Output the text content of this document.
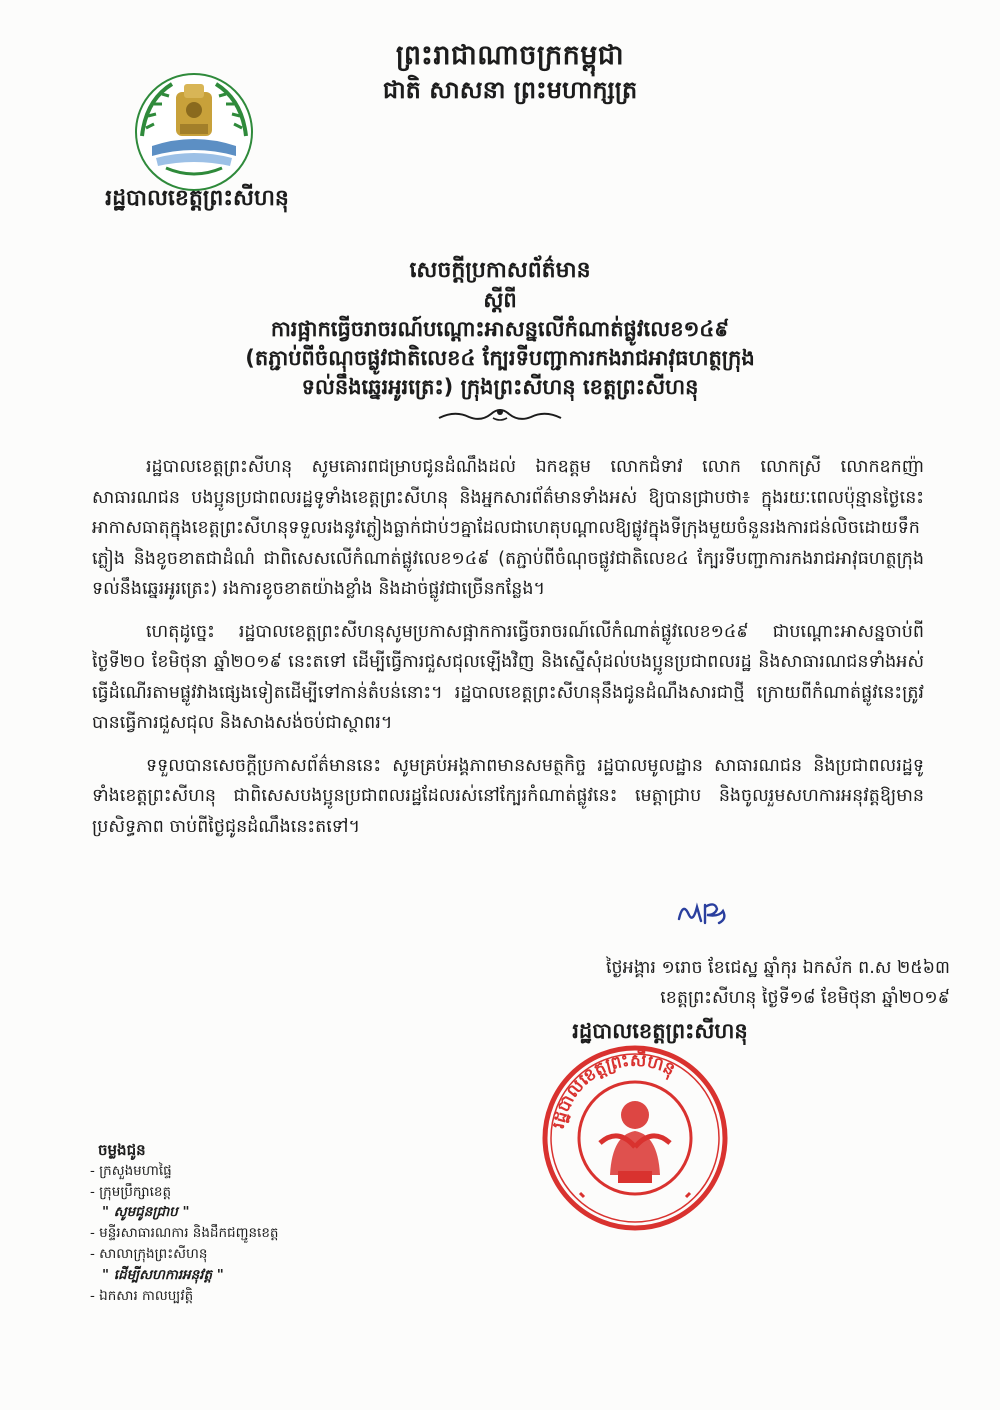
ព្រះរាជាណាចក្រកម្ពុជា
ជាតិ សាសនា ព្រះមហាក្សត្រ
រដ្ឋបាលខេត្តព្រះសីហនុ
សេចក្តីប្រកាសព័ត៌មាន
ស្តីពី
ការផ្អាកធ្វើចរាចរណ៍បណ្តោះអាសន្នលើកំណាត់ផ្លូវលេខ១៤៩
(តភ្ជាប់ពីចំណុចផ្លូវជាតិលេខ៤ ក្បែរទីបញ្ជាការកងរាជអាវុធហត្ថក្រុង
ទល់នឹងឆ្នេរអូរត្រេះ) ក្រុងព្រះសីហនុ ខេត្តព្រះសីហនុ

រដ្ឋបាលខេត្តព្រះសីហនុ សូមគោរពជម្រាបជូនដំណឹងដល់ ឯកឧត្តម លោកជំទាវ លោក លោកស្រី លោកឧកញ៉ា សាធារណជន បងប្អូនប្រជាពលរដ្ឋទូទាំងខេត្តព្រះសីហនុ និងអ្នកសារព័ត៌មានទាំងអស់ ឱ្យបានជ្រាបថា៖ ក្នុងរយៈពេលប៉ុន្មានថ្ងៃនេះ អាកាសធាតុក្នុងខេត្តព្រះសីហនុទទួលរងនូវភ្លៀងធ្លាក់ជាប់ៗគ្នាដែលជាហេតុបណ្តាលឱ្យផ្លូវក្នុងទីក្រុងមួយចំនួនរងការជន់លិចដោយទឹកភ្លៀង និងខូចខាតជាដំណំ ជាពិសេសលើកំណាត់ផ្លូវលេខ១៤៩ (តភ្ជាប់ពីចំណុចផ្លូវជាតិលេខ៤ ក្បែរទីបញ្ជាការកងរាជអាវុធហត្ថក្រុង ទល់នឹងឆ្នេរអូរត្រេះ) រងការខូចខាតយ៉ាងខ្លាំង និងដាច់ផ្លូវជាច្រើនកន្លែង។

ហេតុដូច្នេះ រដ្ឋបាលខេត្តព្រះសីហនុសូមប្រកាសផ្អាកការធ្វើចរាចរណ៍លើកំណាត់ផ្លូវលេខ១៤៩ ជាបណ្តោះអាសន្នចាប់ពីថ្ងៃទី២០ ខែមិថុនា ឆ្នាំ២០១៩ នេះតទៅ ដើម្បីធ្វើការជួសជុលឡើងវិញ និងស្នើសុំដល់បងប្អូនប្រជាពលរដ្ឋ និងសាធារណជនទាំងអស់ ធ្វើដំណើរតាមផ្លូវវាងផ្សេងទៀតដើម្បីទៅកាន់តំបន់នោះ។ រដ្ឋបាលខេត្តព្រះសីហនុនឹងជូនដំណឹងសារជាថ្មី ក្រោយពីកំណាត់ផ្លូវនេះត្រូវបានធ្វើការជួសជុល និងសាងសង់ចប់ជាស្ថាពរ។

ទទួលបានសេចក្តីប្រកាសព័ត៌មាននេះ សូមគ្រប់អង្គភាពមានសមត្ថកិច្ច រដ្ឋបាលមូលដ្ឋាន សាធារណជន និងប្រជាពលរដ្ឋទូទាំងខេត្តព្រះសីហនុ ជាពិសេសបងប្អូនប្រជាពលរដ្ឋដែលរស់នៅក្បែរកំណាត់ផ្លូវនេះ មេត្តាជ្រាប និងចូលរួមសហការអនុវត្តឱ្យមានប្រសិទ្ធភាព ចាប់ពីថ្ងៃជូនដំណឹងនេះតទៅ។

ថ្ងៃអង្គារ ១រោច ខែជេស្ឋ ឆ្នាំកុរ ឯកស័ក ព.ស ២៥៦៣
ខេត្តព្រះសីហនុ ថ្ងៃទី១៨ ខែមិថុនា ឆ្នាំ២០១៩
រដ្ឋបាលខេត្តព្រះសីហនុ
រដ្ឋបាលខេត្តព្រះសីហនុ
ចម្លងជូន
- ក្រសួងមហាផ្ទៃ
- ក្រុមប្រឹក្សាខេត្ត
" សូមជូនជ្រាប "
- មន្ទីរសាធារណការ និងដឹកជញ្ជូនខេត្ត
- សាលាក្រុងព្រះសីហនុ
" ដើម្បីសហការអនុវត្ត "
- ឯកសារ កាលប្បវត្តិ
